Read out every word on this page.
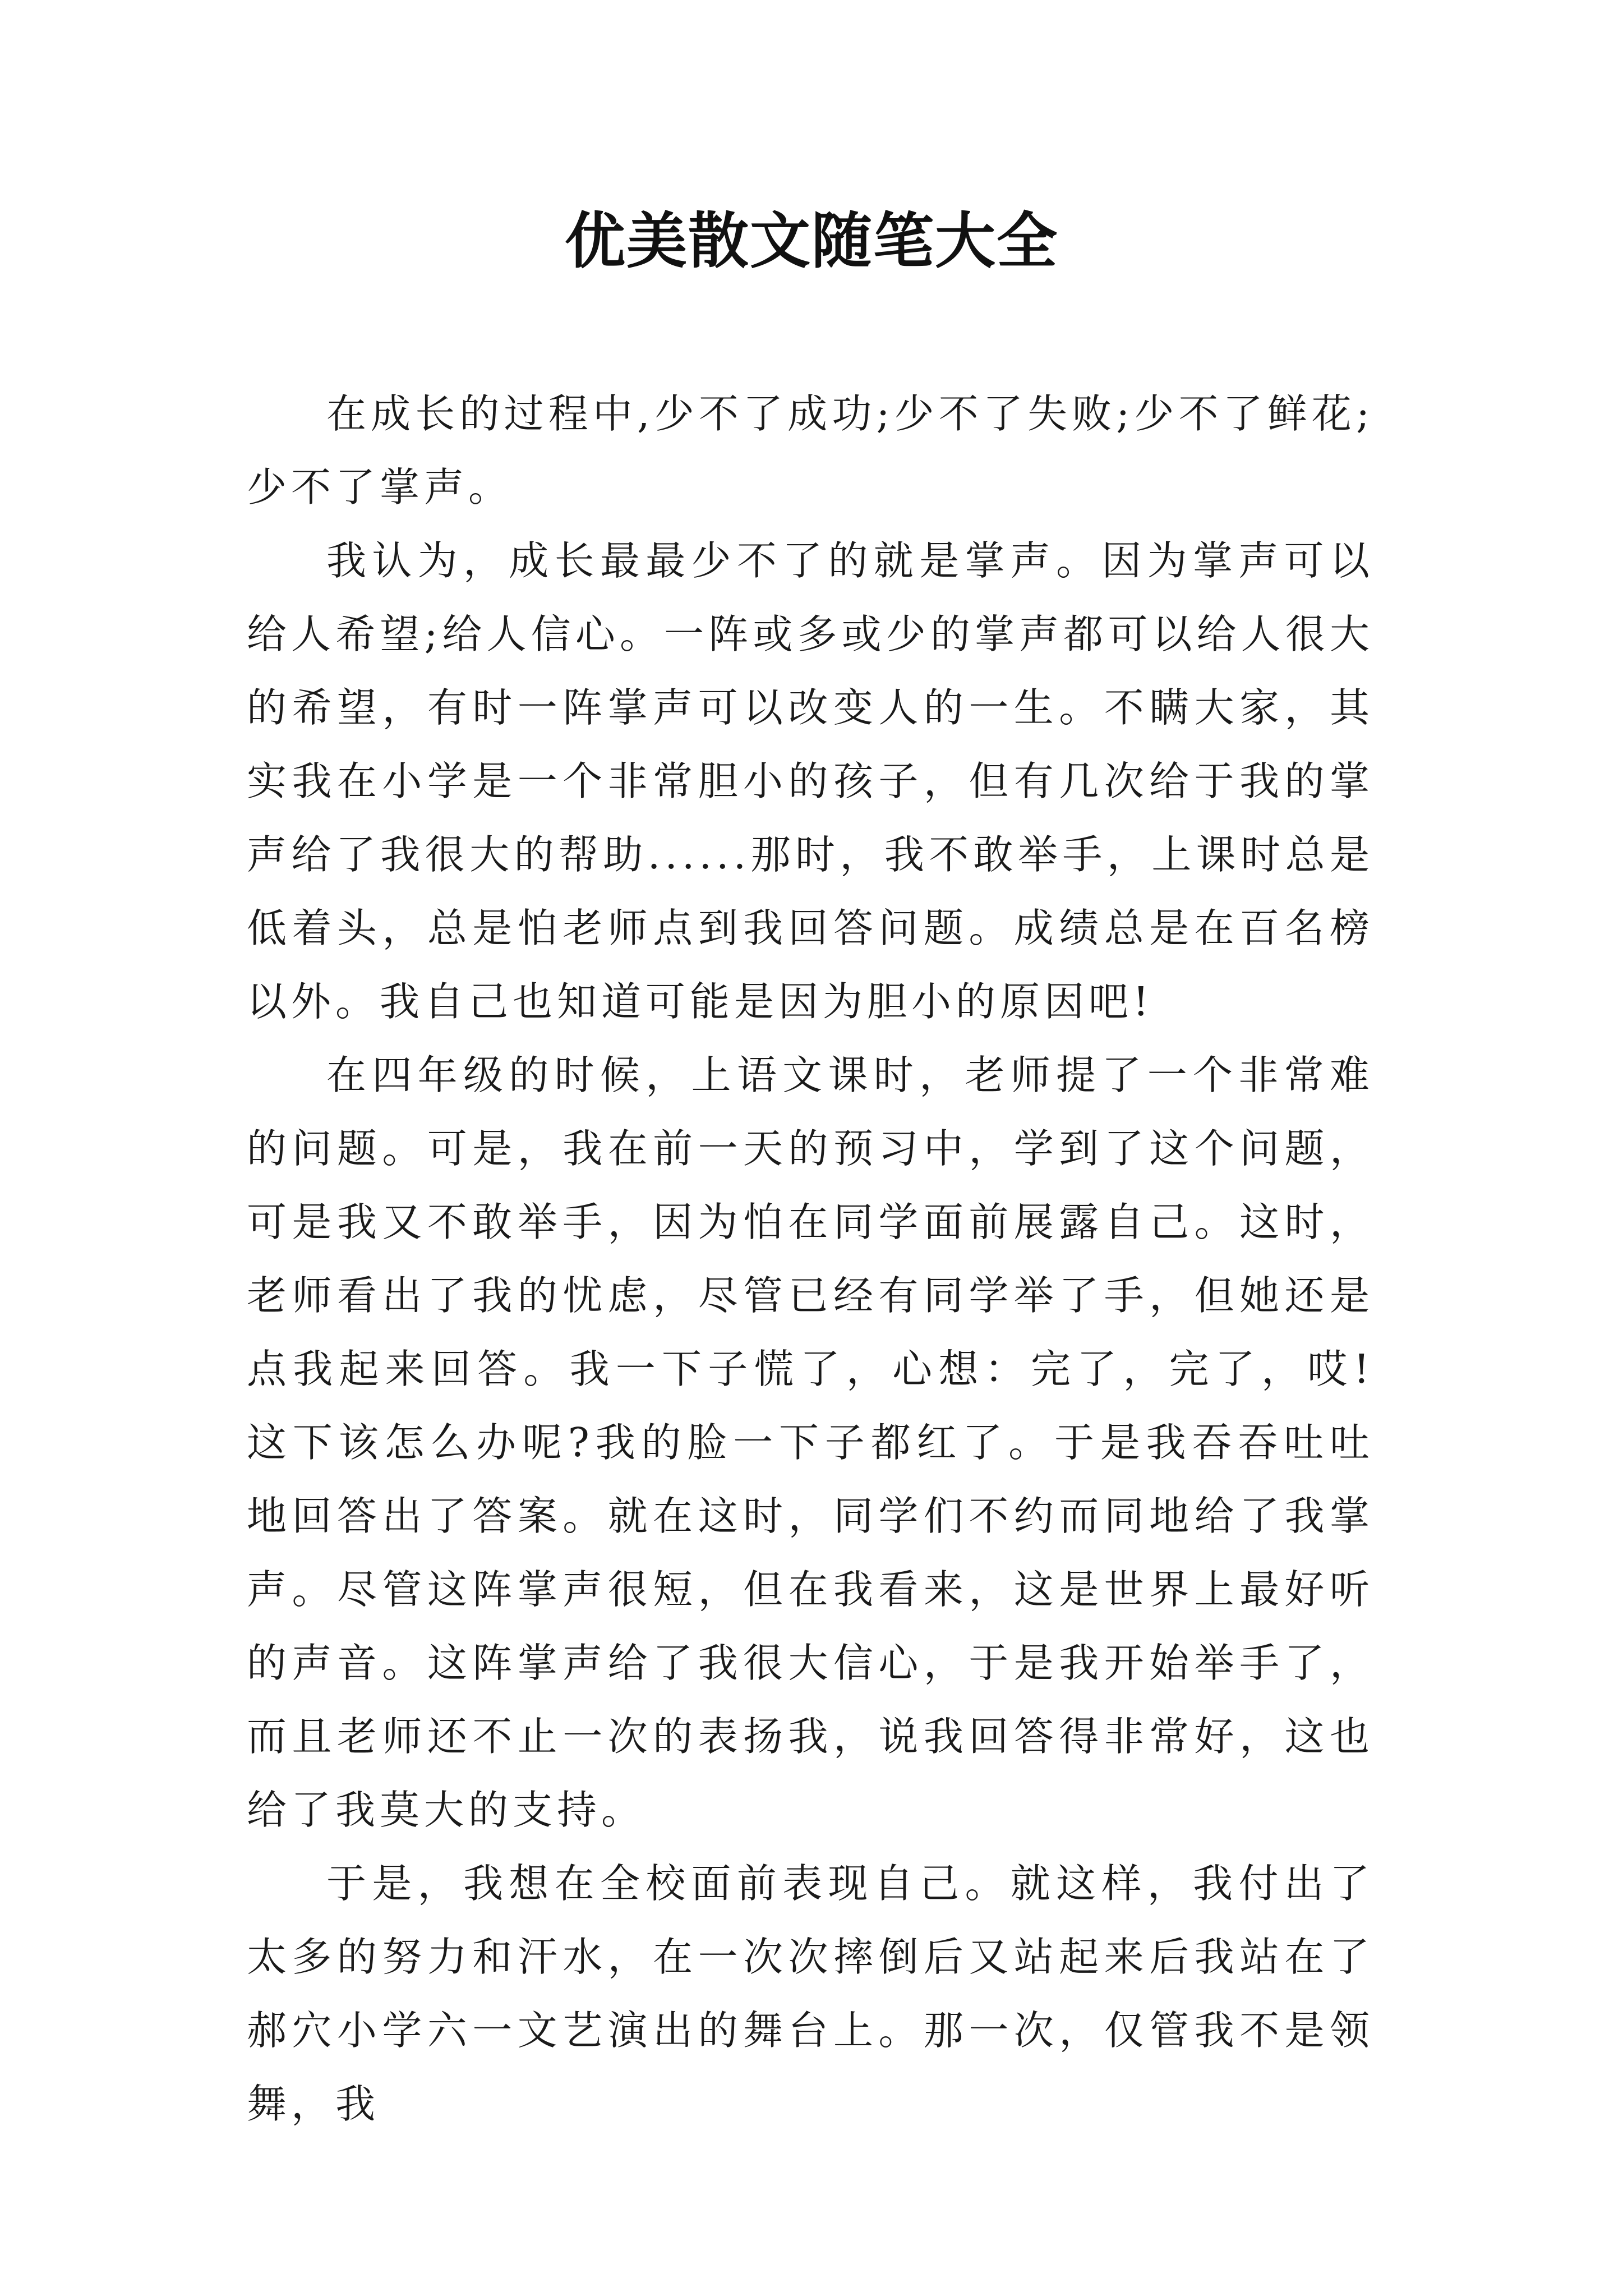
优美散文随笔大全

在成长的过程中,少不了成功;少不了失败;少不了鲜花;少不了掌声。

我认为，成长最最少不了的就是掌声。因为掌声可以给人希望;给人信心。一阵或多或少的掌声都可以给人很大的希望，有时一阵掌声可以改变人的一生。不瞒大家，其实我在小学是一个非常胆小的孩子，但有几次给于我的掌声给了我很大的帮助......那时，我不敢举手，上课时总是低着头，总是怕老师点到我回答问题。成绩总是在百名榜以外。我自己也知道可能是因为胆小的原因吧!

在四年级的时候，上语文课时，老师提了一个非常难的问题。可是，我在前一天的预习中，学到了这个问题，可是我又不敢举手，因为怕在同学面前展露自己。这时，老师看出了我的忧虑，尽管已经有同学举了手，但她还是点我起来回答。我一下子慌了，心想：完了，完了，哎!这下该怎么办呢?我的脸一下子都红了。于是我吞吞吐吐地回答出了答案。就在这时，同学们不约而同地给了我掌声。尽管这阵掌声很短，但在我看来，这是世界上最好听的声音。这阵掌声给了我很大信心，于是我开始举手了，而且老师还不止一次的表扬我，说我回答得非常好，这也给了我莫大的支持。

于是，我想在全校面前表现自己。就这样，我付出了太多的努力和汗水，在一次次摔倒后又站起来后我站在了郝穴小学六一文艺演出的舞台上。那一次，仅管我不是领舞，我
